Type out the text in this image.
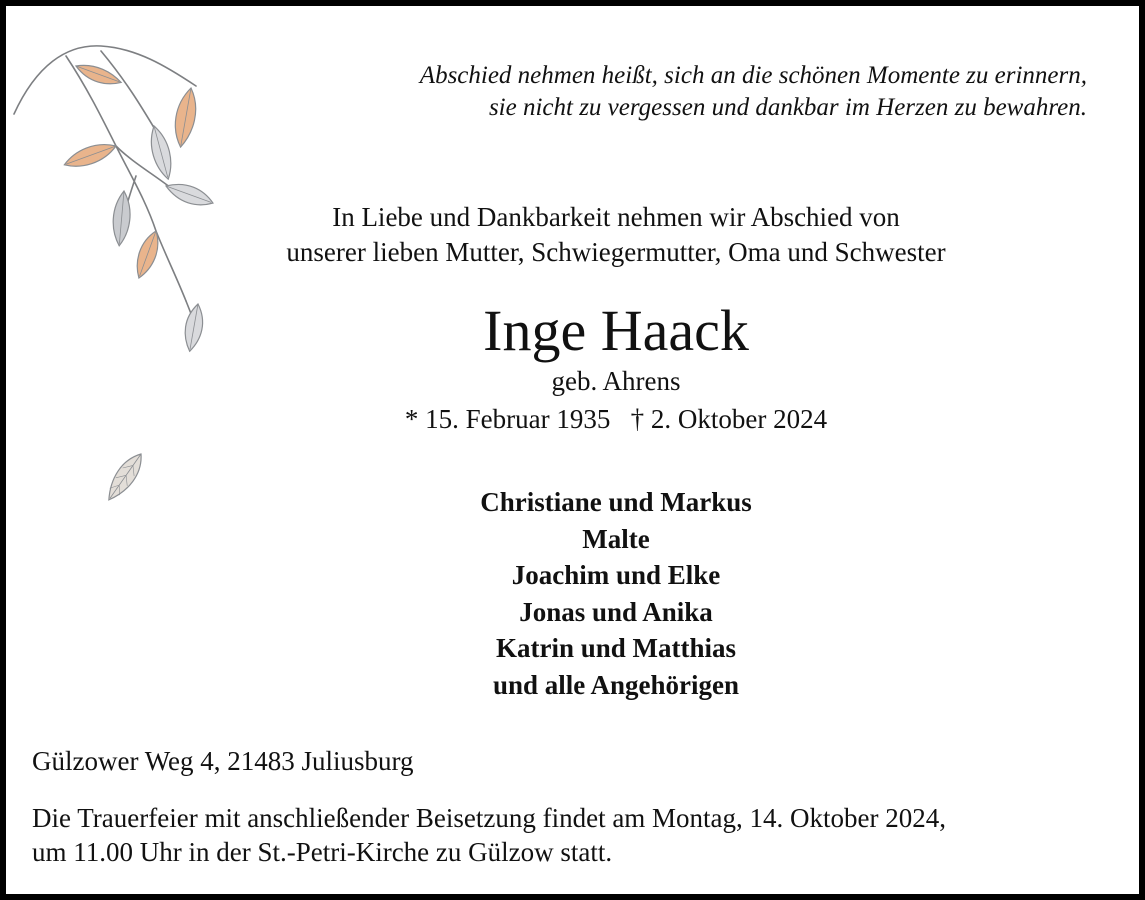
Abschied nehmen heißt, sich an die schönen Momente zu erinnern,
sie nicht zu vergessen und dankbar im Herzen zu bewahren.
In Liebe und Dankbarkeit nehmen wir Abschied von
unserer lieben Mutter, Schwiegermutter, Oma und Schwester
Inge Haack
geb. Ahrens
* 15. Februar 1935   † 2. Oktober 2024
Christiane und Markus
Malte
Joachim und Elke
Jonas und Anika
Katrin und Matthias
und alle Angehörigen
Gülzower Weg 4, 21483 Juliusburg
Die Trauerfeier mit anschließender Beisetzung findet am Montag, 14. Oktober 2024,
um 11.00 Uhr in der St.-Petri-Kirche zu Gülzow statt.
